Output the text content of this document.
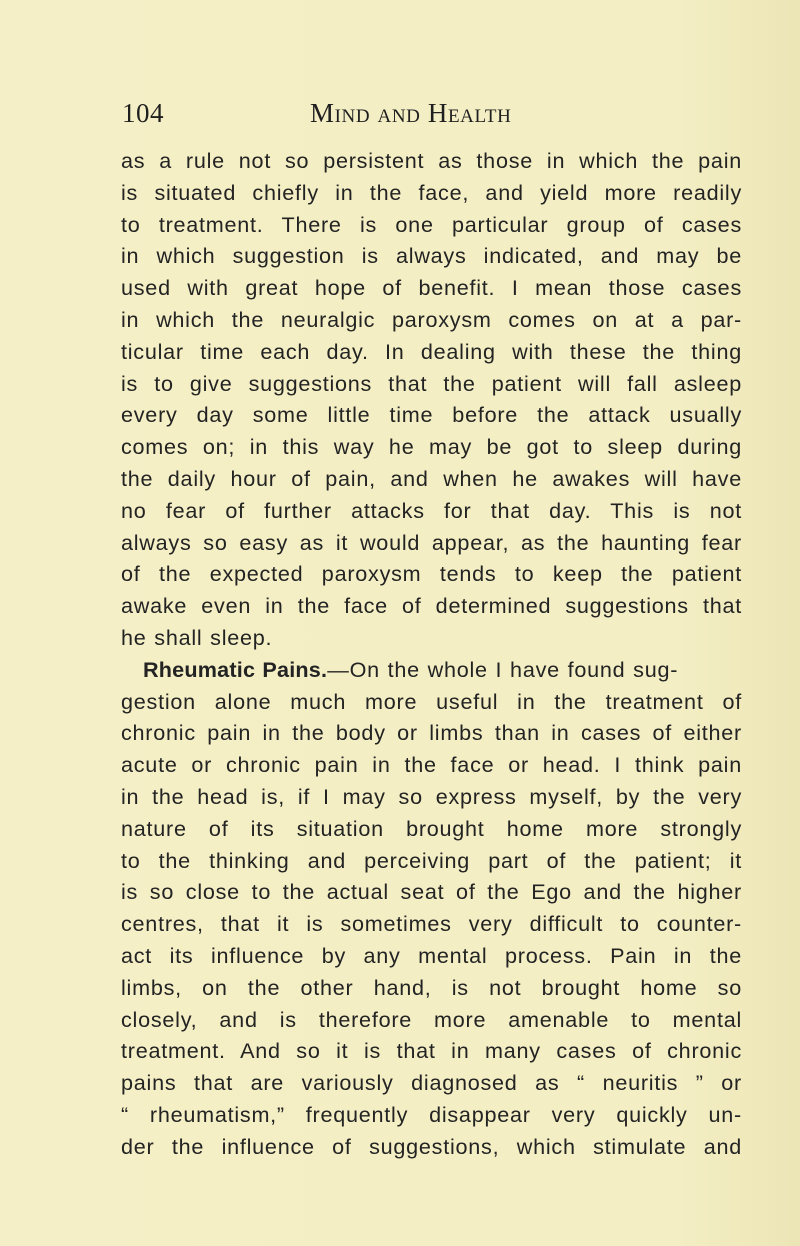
104	Mind and Health
as a rule not so persistent as those in which the pain
is situated chiefly in the face, and yield more readily
to treatment. There is one particular group of cases
in which suggestion is always indicated, and may be
used with great hope of benefit. I mean those cases
in which the neuralgic paroxysm comes on at a par-
ticular time each day. In dealing with these the thing
is to give suggestions that the patient will fall asleep
every day some little time before the attack usually
comes on; in this way he may be got to sleep during
the daily hour of pain, and when he awakes will have
no fear of further attacks for that day. This is not
always so easy as it would appear, as the haunting fear
of the expected paroxysm tends to keep the patient
awake even in the face of determined suggestions that
he shall sleep.
Rheumatic Pains.—On the whole I have found sug-
gestion alone much more useful in the treatment of
chronic pain in the body or limbs than in cases of either
acute or chronic pain in the face or head. I think pain
in the head is, if I may so express myself, by the very
nature of its situation brought home more strongly
to the thinking and perceiving part of the patient; it
is so close to the actual seat of the Ego and the higher
centres, that it is sometimes very difficult to counter-
act its influence by any mental process. Pain in the
limbs, on the other hand, is not brought home so
closely, and is therefore more amenable to mental
treatment. And so it is that in many cases of chronic
pains that are variously diagnosed as “ neuritis ” or
“ rheumatism,” frequently disappear very quickly un-
der the influence of suggestions, which stimulate and
